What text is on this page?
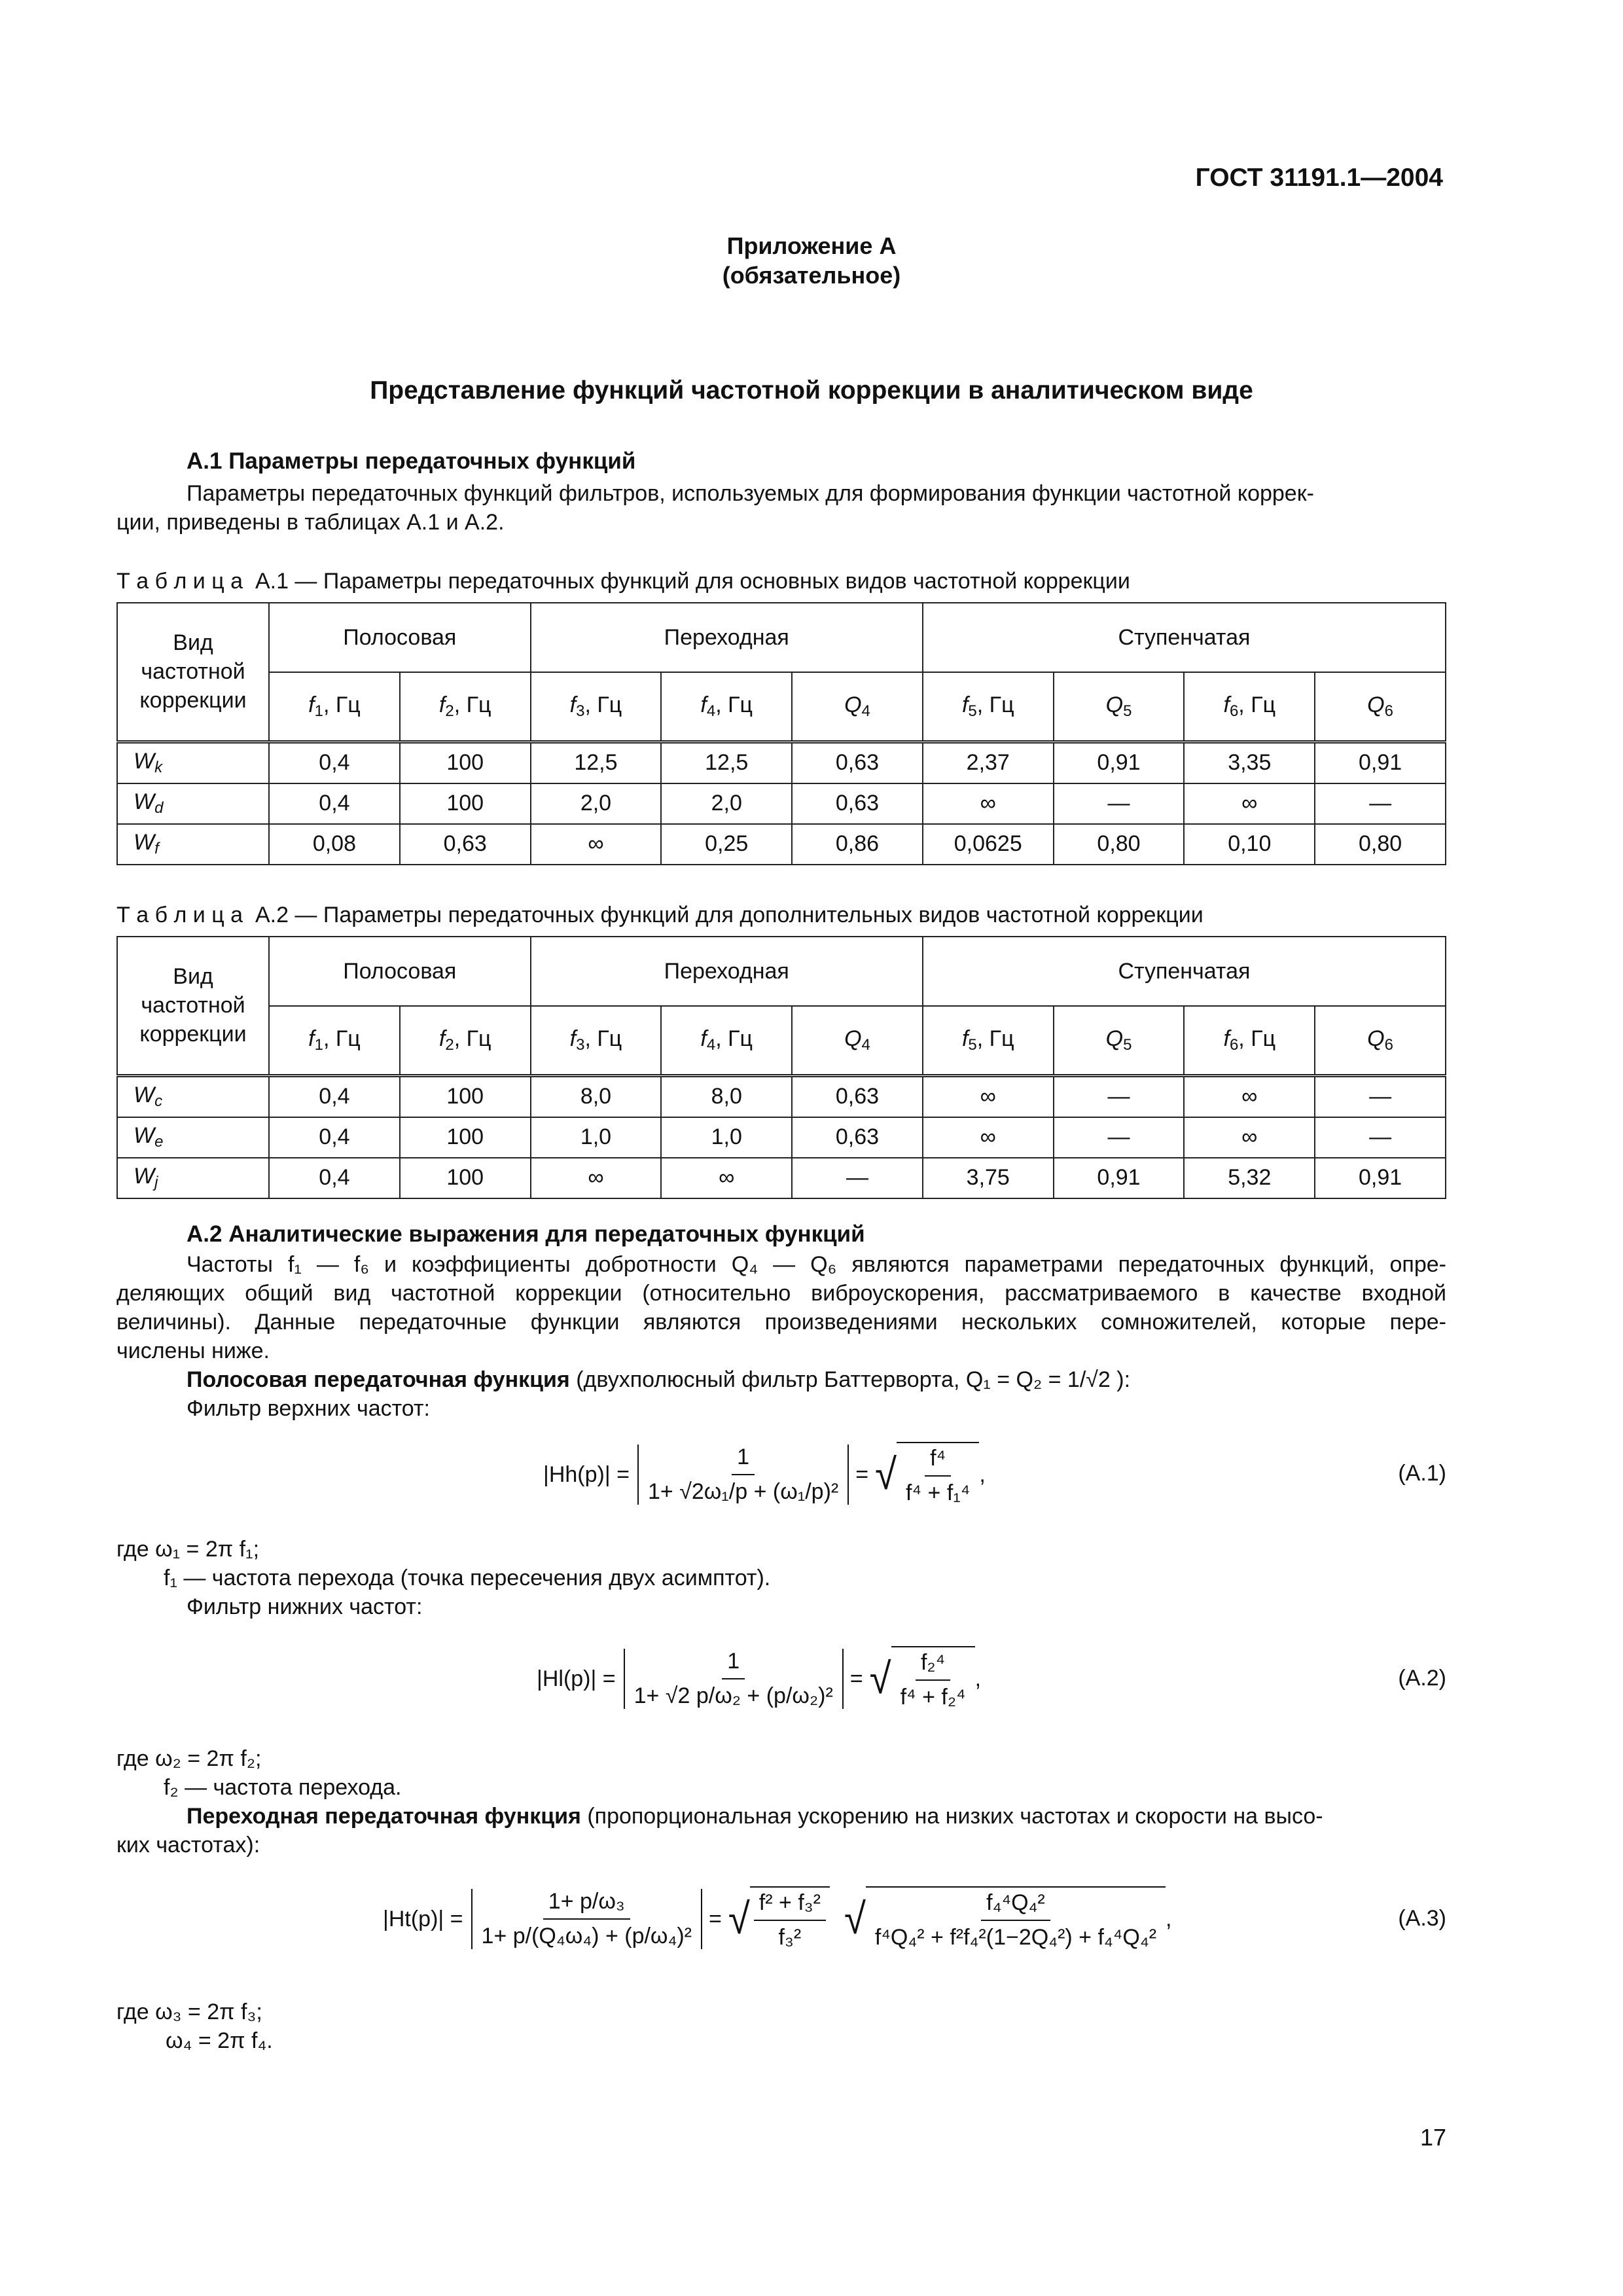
ГОСТ 31191.1—2004
Приложение А
(обязательное)
Представление функций частотной коррекции в аналитическом виде
А.1 Параметры передаточных функций
Параметры передаточных функций фильтров, используемых для формирования функции частотной коррек-
ции, приведены в таблицах А.1 и А.2.
Т а б л и ц а А.1 — Параметры передаточных функций для основных видов частотной коррекции
Вид
частотной
коррекции	Полосовая		Переходная			Ступенчатая			
	$f_1$, Гц	$f_2$, Гц	$f_3$, Гц	$f_4$, Гц	$Q_4$	$f_5$, Гц	$Q_5$	$f_6$, Гц	$Q_6$
$W_k$	0,4	100	12,5	12,5	0,63	2,37	0,91	3,35	0,91
$W_d$	0,4	100	2,0	2,0	0,63	∞	—	∞	—
$W_f$	0,08	0,63	∞	0,25	0,86	0,0625	0,80	0,10	0,80
Т а б л и ц а А.2 — Параметры передаточных функций для дополнительных видов частотной коррекции
Вид
частотной
коррекции	Полосовая		Переходная			Ступенчатая			
	$f_1$, Гц	$f_2$, Гц	$f_3$, Гц	$f_4$, Гц	$Q_4$	$f_5$, Гц	$Q_5$	$f_6$, Гц	$Q_6$
$W_c$	0,4	100	8,0	8,0	0,63	∞	—	∞	—
$W_e$	0,4	100	1,0	1,0	0,63	∞	—	∞	—
$W_j$	0,4	100	∞	∞	—	3,75	0,91	5,32	0,91
А.2 Аналитические выражения для передаточных функций
Частоты f₁ — f₆ и коэффициенты добротности Q₄ — Q₆ являются параметрами передаточных функций, опре-
деляющих общий вид частотной коррекции (относительно виброускорения, рассматриваемого в качестве входной
величины). Данные передаточные функции являются произведениями нескольких сомножителей, которые пере-
числены ниже.
Полосовая передаточная функция (двухполюсный фильтр Баттерворта, Q₁ = Q₂ = 1/√2 ):
Фильтр верхних частот:
$|Hh(p)| = \frac{1}{\text{1+ √2ω₁/p + (ω₁/p)²}}$ = √ $\frac{\text{f⁴}}{\text{f⁴ + f₁⁴}}$ ,	(А.1)
где ω₁ = 2π f₁;
f₁ — частота перехода (точка пересечения двух асимптот).
Фильтр нижних частот:
$|Hl(p)| = \frac{1}{\text{1+ √2 p/ω₂ + (p/ω₂)²}}$ = √ $\frac{\text{f₂⁴}}{\text{f⁴ + f₂⁴}}$ ,	(А.2)
где ω₂ = 2π f₂;
f₂ — частота перехода.
Переходная передаточная функция (пропорциональная ускорению на низких частотах и скорости на высо-
ких частотах):
$|Ht(p)| = \frac{\text{1+ p/ω₃}}{\text{1+ p/(Q₄ω₄) + (p/ω₄)²}}$ = √ $\frac{\text{f² + f₃²}}{\text{f₃²}}$ √ $\frac{\text{f₄⁴Q₄²}}{\text{f⁴Q₄² + f²f₄²(1−2Q₄²) + f₄⁴Q₄²}}$ ,	(А.3)
где ω₃ = 2π f₃;
ω₄ = 2π f₄.
17
